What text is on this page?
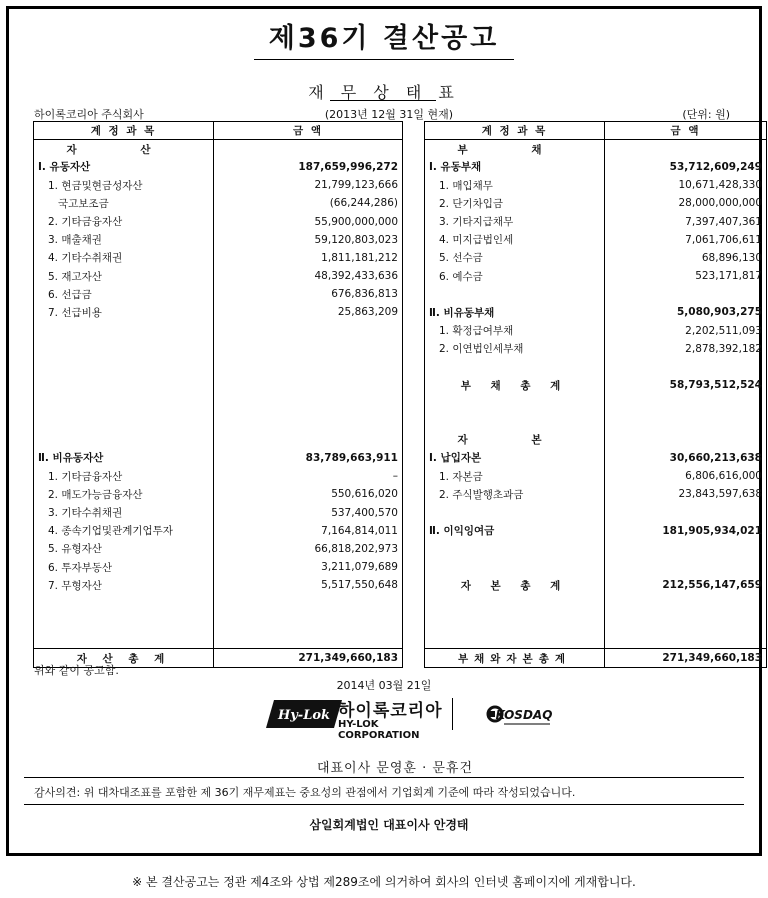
제36기 결산공고
재 무 상 태 표
하이록코리아 주식회사	(2013년 12월 31일 현재)	(단위: 원)
계 정 과 목	금 액		계 정 과 목	금 액
자 산			부 채	
Ⅰ. 유동자산	187,659,996,272		Ⅰ. 유동부채	53,712,609,249
1. 현금및현금성자산	21,799,123,666		1. 매입채무	10,671,428,330
국고보조금	(66,244,286)		2. 단기차입금	28,000,000,000
2. 기타금융자산	55,900,000,000		3. 기타지급채무	7,397,407,361
3. 매출채권	59,120,803,023		4. 미지급법인세	7,061,706,611
4. 기타수취채권	1,811,181,212		5. 선수금	68,896,130
5. 재고자산	48,392,433,636		6. 예수금	523,171,817
6. 선급금	676,836,813			
7. 선급비용	25,863,209		Ⅱ. 비유동부채	5,080,903,275
			1. 확정급여부채	2,202,511,093
			2. 이연법인세부채	2,878,392,182

			부 채 총 계	58,793,512,524

			자 본	
Ⅱ. 비유동자산	83,789,663,911		Ⅰ. 납입자본	30,660,213,638
1. 기타금융자산	–		1. 자본금	6,806,616,000
2. 매도가능금융자산	550,616,020		2. 주식발행초과금	23,843,597,638
3. 기타수취채권	537,400,570			
4. 종속기업및관계기업투자	7,164,814,011		Ⅱ. 이익잉여금	181,905,934,021
5. 유형자산	66,818,202,973			
6. 투자부동산	3,211,079,689			
7. 무형자산	5,517,550,648		자 본 총 계	212,556,147,659

자 산 총 계	271,349,660,183		부채와자본총계	271,349,660,183
위와 같이 공고함.
2014년 03월 21일
Hy-Lok 하이록코리아
HY-LOK CORPORATION
KOSDAQ
대표이사 문영훈 · 문휴건
감사의견: 위 대차대조표를 포함한 제 36기 재무제표는 중요성의 관점에서 기업회계 기준에 따라 작성되었습니다.
삼일회계법인 대표이사 안경태
※ 본 결산공고는 정관 제4조와 상법 제289조에 의거하여 회사의 인터넷 홈페이지에 게재합니다.
